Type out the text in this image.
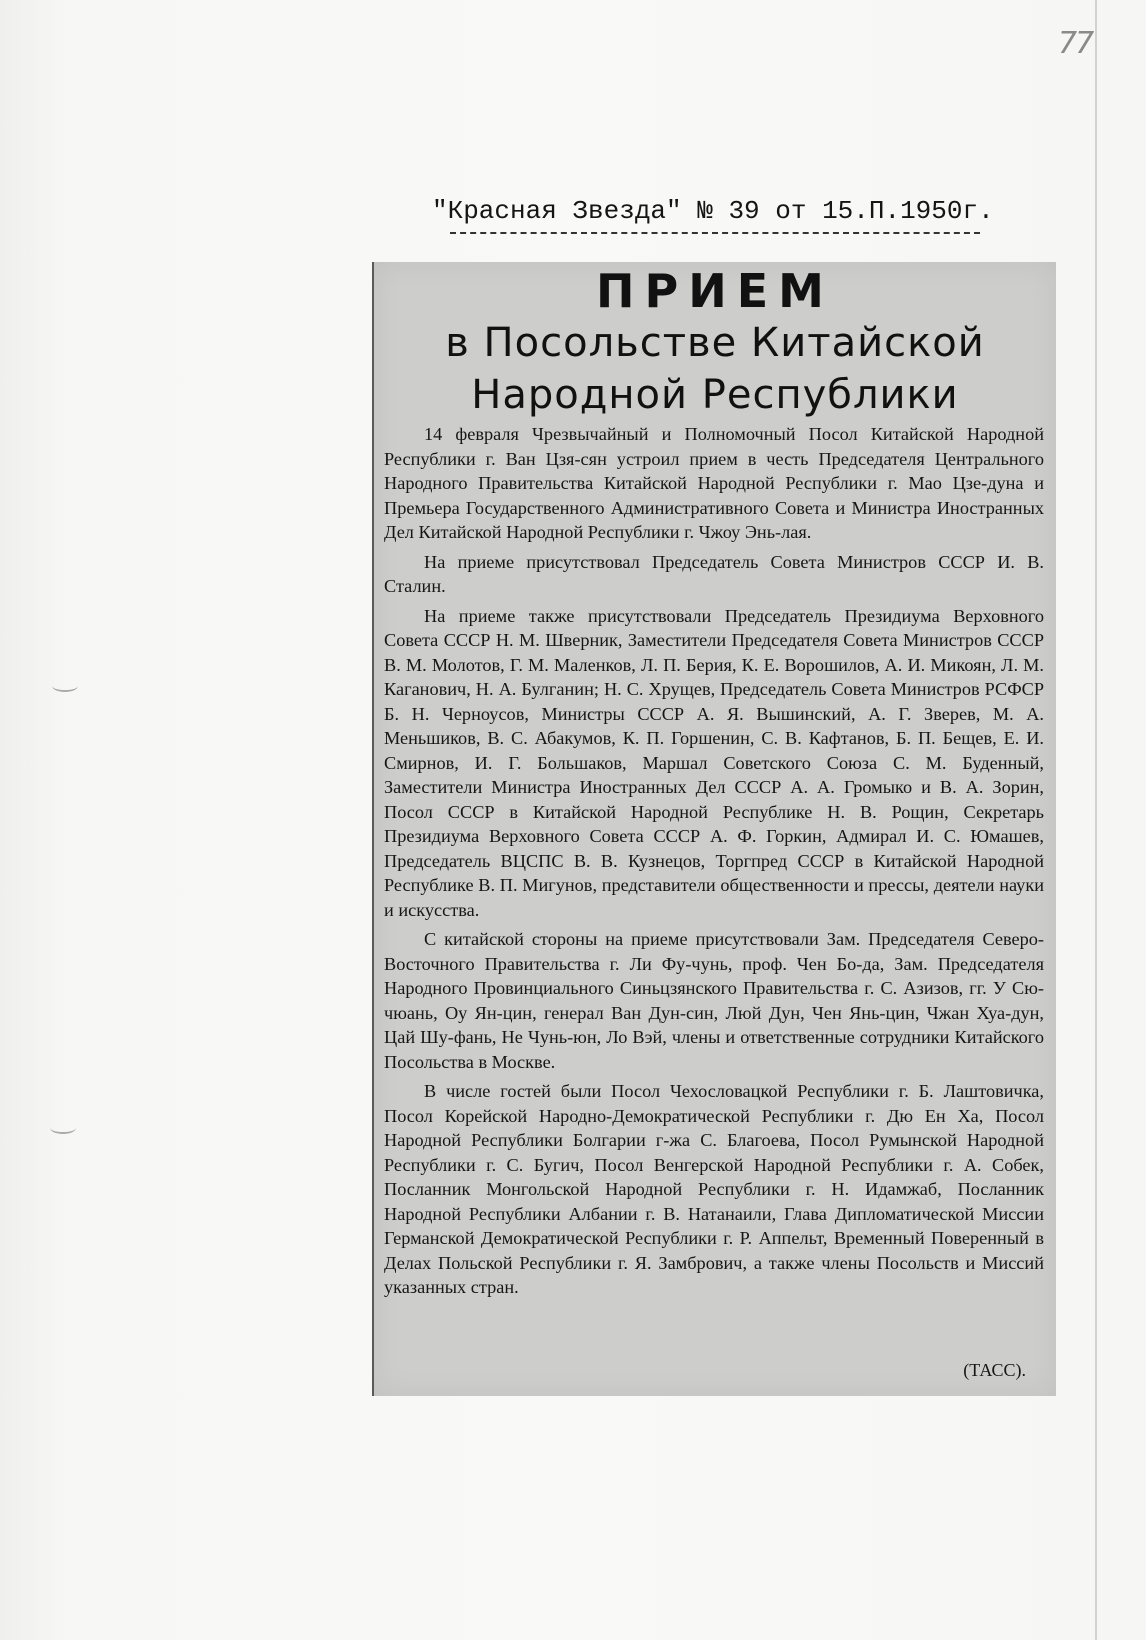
77
"Красная Звезда" № 39 от 15.П.1950г.
ПРИЕМ
в Посольстве Китайской
Народной Республики

14 февраля Чрезвычайный и Полномочный Посол Китайской Народной Республики г. Ван Цзя-сян устроил прием в честь Председателя Центрального Народного Правительства Китайской Народной Республики г. Мао Цзе-дуна и Премьера Государственного Административного Совета и Министра Иностранных Дел Китайской Народной Республики г. Чжоу Энь-лая.

На приеме присутствовал Председатель Совета Министров СССР И. В. Сталин.

На приеме также присутствовали Председатель Президиума Верховного Совета СССР Н. М. Шверник, Заместители Председателя Совета Министров СССР В. М. Молотов, Г. М. Маленков, Л. П. Берия, К. Е. Ворошилов, А. И. Микоян, Л. М. Каганович, Н. А. Булганин; Н. С. Хрущев, Председатель Совета Министров РСФСР Б. Н. Черноусов, Министры СССР А. Я. Вышинский, А. Г. Зверев, М. А. Меньшиков, В. С. Абакумов, К. П. Горшенин, С. В. Кафтанов, Б. П. Бещев, Е. И. Смирнов, И. Г. Большаков, Маршал Советского Союза С. М. Буденный, Заместители Министра Иностранных Дел СССР А. А. Громыко и В. А. Зорин, Посол СССР в Китайской Народной Республике Н. В. Рощин, Секретарь Президиума Верховного Совета СССР А. Ф. Горкин, Адмирал И. С. Юмашев, Председатель ВЦСПС В. В. Кузнецов, Торгпред СССР в Китайской Народной Республике В. П. Мигунов, представители общественности и прессы, деятели науки и искусства.

С китайской стороны на приеме присутствовали Зам. Председателя Северо-Восточного Правительства г. Ли Фу-чунь, проф. Чен Бо-да, Зам. Председателя Народного Провинциального Синьцзянского Правительства г. С. Азизов, гг. У Сю-чюань, Оу Ян-цин, генерал Ван Дун-син, Люй Дун, Чен Янь-цин, Чжан Хуа-дун, Цай Шу-фань, Не Чунь-юн, Ло Вэй, члены и ответственные сотрудники Китайского Посольства в Москве.

В числе гостей были Посол Чехословацкой Республики г. Б. Лаштовичка, Посол Корейской Народно-Демократической Республики г. Дю Ен Ха, Посол Народной Республики Болгарии г-жа С. Благоева, Посол Румынской Народной Республики г. С. Бугич, Посол Венгерской Народной Республики г. А. Собек, Посланник Монгольской Народной Республики г. Н. Идамжаб, Посланник Народной Республики Албании г. В. Натанаили, Глава Дипломатической Миссии Германской Демократической Республики г. Р. Аппельт, Временный Поверенный в Делах Польской Республики г. Я. Замбрович, а также члены Посольств и Миссий указанных стран.

(ТАСС).
